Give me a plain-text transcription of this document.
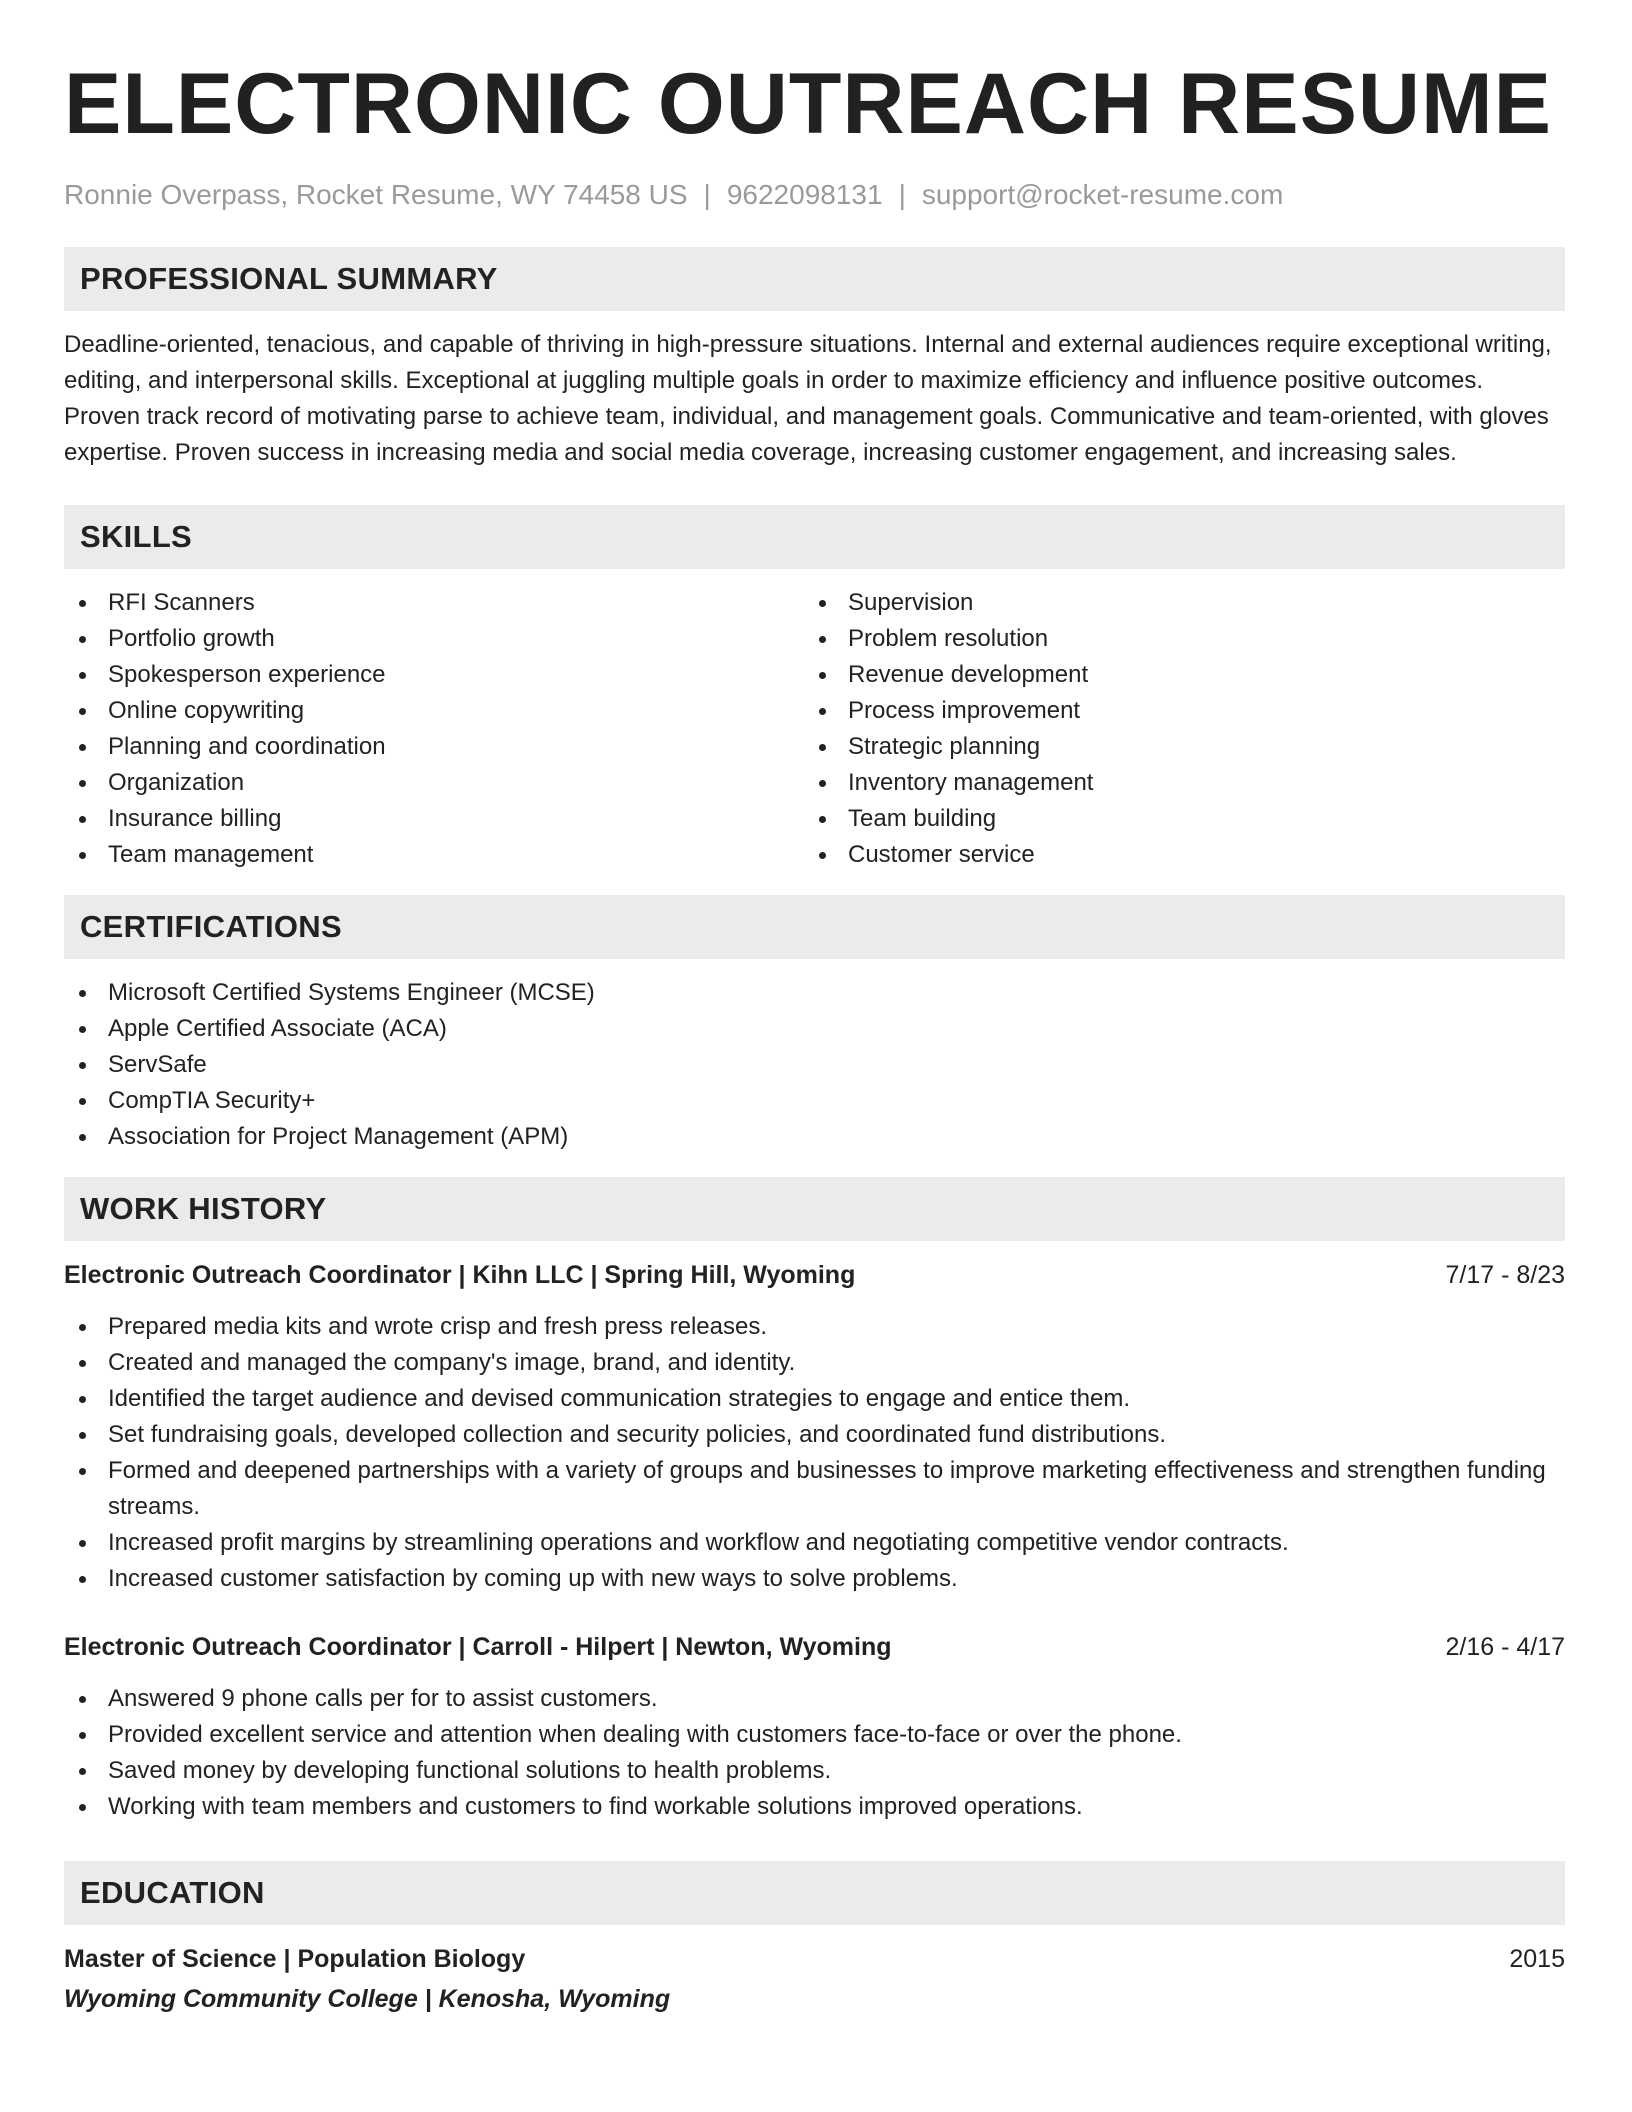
ELECTRONIC OUTREACH RESUME
Ronnie Overpass, Rocket Resume, WY 74458 US | 9622098131 | support@rocket-resume.com
PROFESSIONAL SUMMARY

Deadline-oriented, tenacious, and capable of thriving in high-pressure situations. Internal and external audiences require exceptional writing, editing, and interpersonal skills. Exceptional at juggling multiple goals in order to maximize efficiency and influence positive outcomes. Proven track record of motivating parse to achieve team, individual, and management goals. Communicative and team-oriented, with gloves expertise. Proven success in increasing media and social media coverage, increasing customer engagement, and increasing sales.

SKILLS
RFI Scanners
Portfolio growth
Spokesperson experience
Online copywriting
Planning and coordination
Organization
Insurance billing
Team management
Supervision
Problem resolution
Revenue development
Process improvement
Strategic planning
Inventory management
Team building
Customer service
CERTIFICATIONS
Microsoft Certified Systems Engineer (MCSE)
Apple Certified Associate (ACA)
ServSafe
CompTIA Security+
Association for Project Management (APM)
WORK HISTORY
Electronic Outreach Coordinator | Kihn LLC | Spring Hill, Wyoming	7/17 - 8/23
Prepared media kits and wrote crisp and fresh press releases.
Created and managed the company's image, brand, and identity.
Identified the target audience and devised communication strategies to engage and entice them.
Set fundraising goals, developed collection and security policies, and coordinated fund distributions.
Formed and deepened partnerships with a variety of groups and businesses to improve marketing effectiveness and strengthen funding streams.
Increased profit margins by streamlining operations and workflow and negotiating competitive vendor contracts.
Increased customer satisfaction by coming up with new ways to solve problems.
Electronic Outreach Coordinator | Carroll - Hilpert | Newton, Wyoming	2/16 - 4/17
Answered 9 phone calls per for to assist customers.
Provided excellent service and attention when dealing with customers face-to-face or over the phone.
Saved money by developing functional solutions to health problems.
Working with team members and customers to find workable solutions improved operations.
EDUCATION
Master of Science | Population Biology	2015
Wyoming Community College | Kenosha, Wyoming
